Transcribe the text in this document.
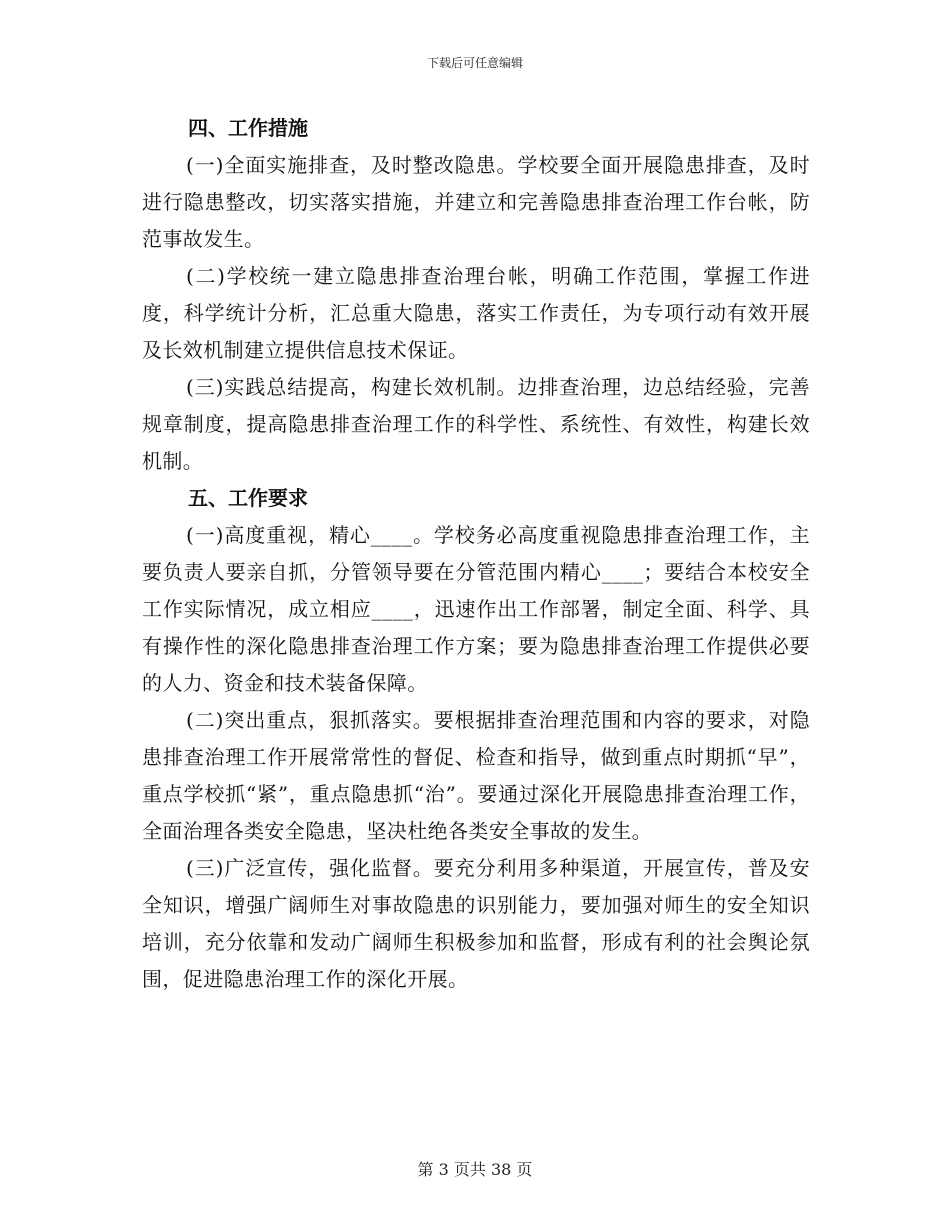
下载后可任意编辑

四、工作措施

(一)全面实施排查，及时整改隐患。学校要全面开展隐患排查，及时进行隐患整改，切实落实措施，并建立和完善隐患排查治理工作台帐，防范事故发生。

(二)学校统一建立隐患排查治理台帐，明确工作范围，掌握工作进度，科学统计分析，汇总重大隐患，落实工作责任，为专项行动有效开展及长效机制建立提供信息技术保证。

(三)实践总结提高，构建长效机制。边排查治理，边总结经验，完善规章制度，提高隐患排查治理工作的科学性、系统性、有效性，构建长效机制。

五、工作要求

(一)高度重视，精心____。学校务必高度重视隐患排查治理工作，主要负责人要亲自抓，分管领导要在分管范围内精心____；要结合本校安全工作实际情况，成立相应____，迅速作出工作部署，制定全面、科学、具有操作性的深化隐患排查治理工作方案；要为隐患排查治理工作提供必要的人力、资金和技术装备保障。

(二)突出重点，狠抓落实。要根据排查治理范围和内容的要求，对隐患排查治理工作开展常常性的督促、检查和指导，做到重点时期抓“早”，重点学校抓“紧”，重点隐患抓“治”。要通过深化开展隐患排查治理工作，全面治理各类安全隐患，坚决杜绝各类安全事故的发生。

(三)广泛宣传，强化监督。要充分利用多种渠道，开展宣传，普及安全知识，增强广阔师生对事故隐患的识别能力，要加强对师生的安全知识培训，充分依靠和发动广阔师生积极参加和监督，形成有利的社会舆论氛围，促进隐患治理工作的深化开展。

第 3 页共 38 页
